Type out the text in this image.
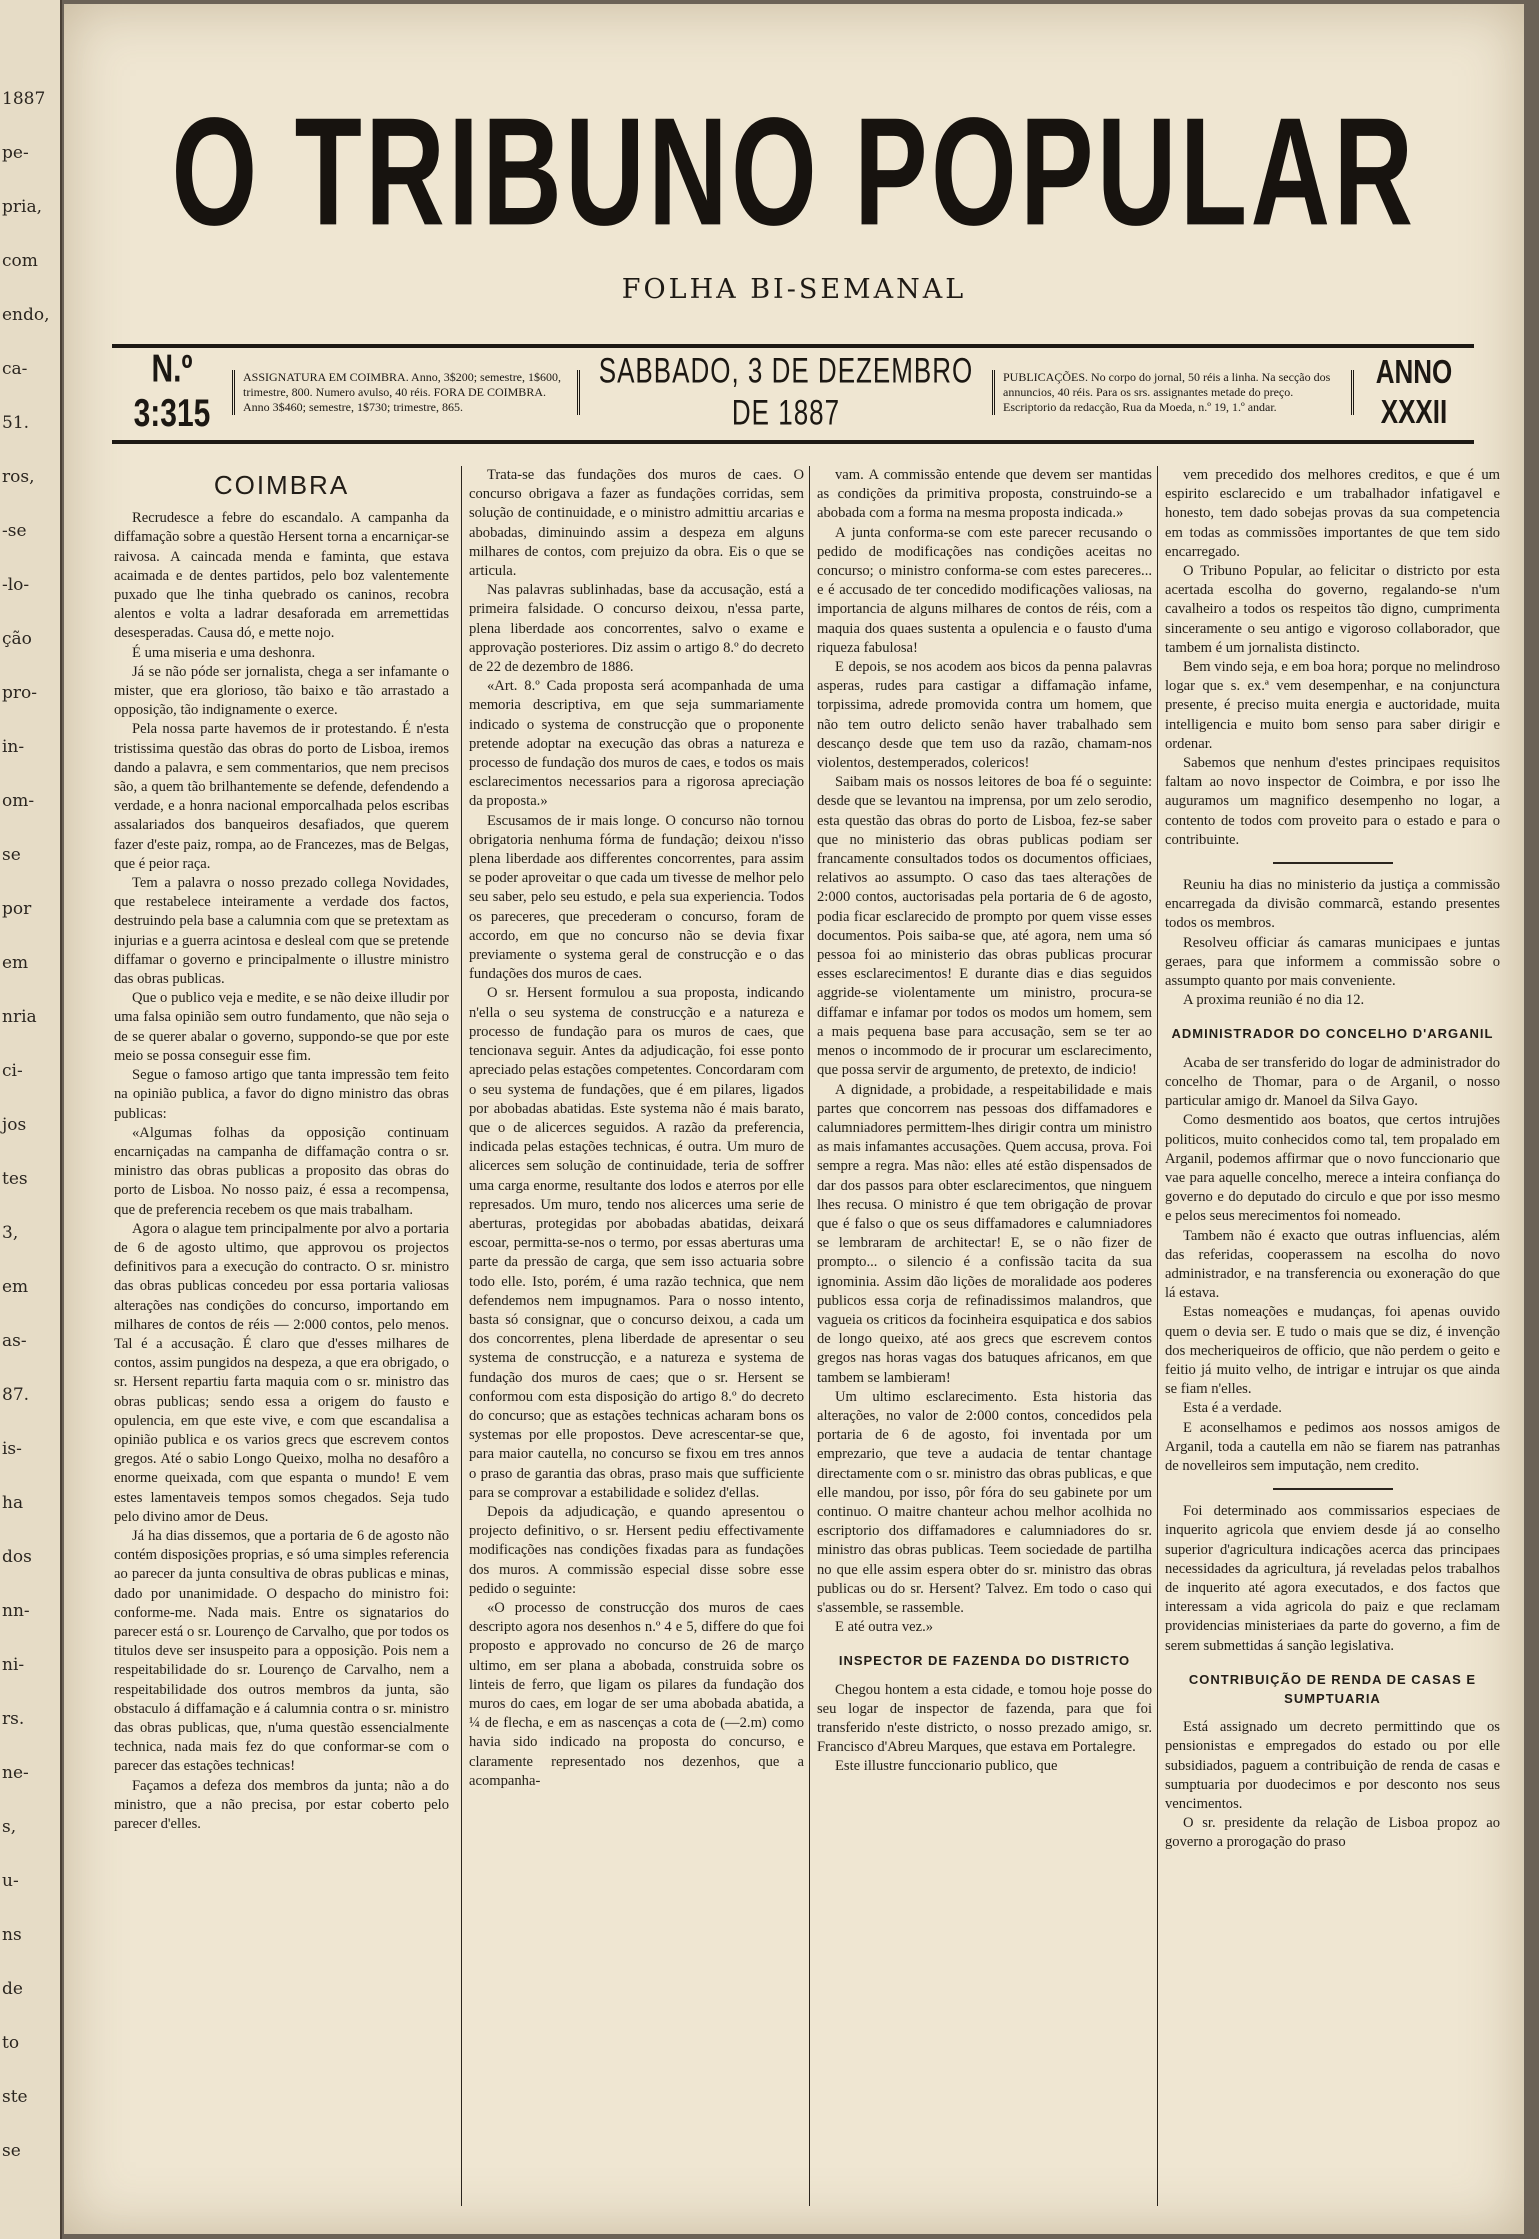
1887
pe-
pria,
com
endo,
ca-
51.
ros,
-se
-lo-
ção
pro-
in-
om-
se
por
em
nria
ci-
jos
tes
3,
em
as-
87.
is-
ha
dos
nn-
ni-
rs.
ne-
s,
u-
ns
de
to
ste
se
O TRIBUNO POPULAR
FOLHA BI-SEMANAL
N.º 3:315
ASSIGNATURA EM COIMBRA. Anno, 3$200; semestre, 1$600, trimestre, 800. Numero avulso, 40 réis. FORA DE COIMBRA. Anno 3$460; semestre, 1$730; trimestre, 865.
SABBADO, 3 DE DEZEMBRO DE 1887
PUBLICAÇÕES. No corpo do jornal, 50 réis a linha. Na secção dos annuncios, 40 réis. Para os srs. assignantes metade do preço. Escriptorio da redacção, Rua da Moeda, n.º 19, 1.º andar.
ANNO XXXII

COIMBRA

Recrudesce a febre do escandalo. A campanha da diffamação sobre a questão Hersent torna a encarniçar-se raivosa. A caincada menda e faminta, que estava acaimada e de dentes partidos, pelo boz valentemente puxado que lhe tinha quebrado os caninos, recobra alentos e volta a ladrar desaforada em arremettidas desesperadas. Causa dó, e mette nojo.

É uma miseria e uma deshonra.

Já se não póde ser jornalista, chega a ser infamante o mister, que era glorioso, tão baixo e tão arrastado a opposição, tão indignamente o exerce.

Pela nossa parte havemos de ir protestando. É n'esta tristissima questão das obras do porto de Lisboa, iremos dando a palavra, e sem commentarios, que nem precisos são, a quem tão brilhantemente se defende, defendendo a verdade, e a honra nacional emporcalhada pelos escribas assalariados dos banqueiros desafiados, que querem fazer d'este paiz, rompa, ao de Francezes, mas de Belgas, que é peior raça.

Tem a palavra o nosso prezado collega Novidades, que restabelece inteiramente a verdade dos factos, destruindo pela base a calumnia com que se pretextam as injurias e a guerra acintosa e desleal com que se pretende diffamar o governo e principalmente o illustre ministro das obras publicas.

Que o publico veja e medite, e se não deixe illudir por uma falsa opinião sem outro fundamento, que não seja o de se querer abalar o governo, suppondo-se que por este meio se possa conseguir esse fim.

Segue o famoso artigo que tanta impressão tem feito na opinião publica, a favor do digno ministro das obras publicas:

«Algumas folhas da opposição continuam encarniçadas na campanha de diffamação contra o sr. ministro das obras publicas a proposito das obras do porto de Lisboa. No nosso paiz, é essa a recompensa, que de preferencia recebem os que mais trabalham.

Agora o alague tem principalmente por alvo a portaria de 6 de agosto ultimo, que approvou os projectos definitivos para a execução do contracto. O sr. ministro das obras publicas concedeu por essa portaria valiosas alterações nas condições do concurso, importando em milhares de contos de réis — 2:000 contos, pelo menos. Tal é a accusação. É claro que d'esses milhares de contos, assim pungidos na despeza, a que era obrigado, o sr. Hersent repartiu farta maquia com o sr. ministro das obras publicas; sendo essa a origem do fausto e opulencia, em que este vive, e com que escandalisa a opinião publica e os varios grecs que escrevem contos gregos. Até o sabio Longo Queixo, molha no desafôro a enorme queixada, com que espanta o mundo! E vem estes lamentaveis tempos somos chegados. Seja tudo pelo divino amor de Deus.

Já ha dias dissemos, que a portaria de 6 de agosto não contém disposições proprias, e só uma simples referencia ao parecer da junta consultiva de obras publicas e minas, dado por unanimidade. O despacho do ministro foi: conforme-me. Nada mais. Entre os signatarios do parecer está o sr. Lourenço de Carvalho, que por todos os titulos deve ser insuspeito para a opposição. Pois nem a respeitabilidade do sr. Lourenço de Carvalho, nem a respeitabilidade dos outros membros da junta, são obstaculo á diffamação e á calumnia contra o sr. ministro das obras publicas, que, n'uma questão essencialmente technica, nada mais fez do que conformar-se com o parecer das estações technicas!

Façamos a defeza dos membros da junta; não a do ministro, que a não precisa, por estar coberto pelo parecer d'elles.

Trata-se das fundações dos muros de caes. O concurso obrigava a fazer as fundações corridas, sem solução de continuidade, e o ministro admittiu arcarias e abobadas, diminuindo assim a despeza em alguns milhares de contos, com prejuizo da obra. Eis o que se articula.

Nas palavras sublinhadas, base da accusação, está a primeira falsidade. O concurso deixou, n'essa parte, plena liberdade aos concorrentes, salvo o exame e approvação posteriores. Diz assim o artigo 8.º do decreto de 22 de dezembro de 1886.

«Art. 8.º Cada proposta será acompanhada de uma memoria descriptiva, em que seja summariamente indicado o systema de construcção que o proponente pretende adoptar na execução das obras a natureza e processo de fundação dos muros de caes, e todos os mais esclarecimentos necessarios para a rigorosa apreciação da proposta.»

Escusamos de ir mais longe. O concurso não tornou obrigatoria nenhuma fórma de fundação; deixou n'isso plena liberdade aos differentes concorrentes, para assim se poder aproveitar o que cada um tivesse de melhor pelo seu saber, pelo seu estudo, e pela sua experiencia. Todos os pareceres, que precederam o concurso, foram de accordo, em que no concurso não se devia fixar previamente o systema geral de construcção e o das fundações dos muros de caes.

O sr. Hersent formulou a sua proposta, indicando n'ella o seu systema de construcção e a natureza e processo de fundação para os muros de caes, que tencionava seguir. Antes da adjudicação, foi esse ponto apreciado pelas estações competentes. Concordaram com o seu systema de fundações, que é em pilares, ligados por abobadas abatidas. Este systema não é mais barato, que o de alicerces seguidos. A razão da preferencia, indicada pelas estações technicas, é outra. Um muro de alicerces sem solução de continuidade, teria de soffrer uma carga enorme, resultante dos lodos e aterros por elle represados. Um muro, tendo nos alicerces uma serie de aberturas, protegidas por abobadas abatidas, deixará escoar, permitta-se-nos o termo, por essas aberturas uma parte da pressão de carga, que sem isso actuaria sobre todo elle. Isto, porém, é uma razão technica, que nem defendemos nem impugnamos. Para o nosso intento, basta só consignar, que o concurso deixou, a cada um dos concorrentes, plena liberdade de apresentar o seu systema de construcção, e a natureza e systema de fundação dos muros de caes; que o sr. Hersent se conformou com esta disposição do artigo 8.º do decreto do concurso; que as estações technicas acharam bons os systemas por elle propostos. Deve acrescentar-se que, para maior cautella, no concurso se fixou em tres annos o praso de garantia das obras, praso mais que sufficiente para se comprovar a estabilidade e solidez d'ellas.

Depois da adjudicação, e quando apresentou o projecto definitivo, o sr. Hersent pediu effectivamente modificações nas condições fixadas para as fundações dos muros. A commissão especial disse sobre esse pedido o seguinte:

«O processo de construcção dos muros de caes descripto agora nos desenhos n.º 4 e 5, differe do que foi proposto e approvado no concurso de 26 de março ultimo, em ser plana a abobada, construida sobre os linteis de ferro, que ligam os pilares da fundação dos muros do caes, em logar de ser uma abobada abatida, a ¼ de flecha, e em as nascenças a cota de (—2.m) como havia sido indicado na proposta do concurso, e claramente representado nos dezenhos, que a acompanha-

vam. A commissão entende que devem ser mantidas as condições da primitiva proposta, construindo-se a abobada com a forma na mesma proposta indicada.»

A junta conforma-se com este parecer recusando o pedido de modificações nas condições aceitas no concurso; o ministro conforma-se com estes pareceres... e é accusado de ter concedido modificações valiosas, na importancia de alguns milhares de contos de réis, com a maquia dos quaes sustenta a opulencia e o fausto d'uma riqueza fabulosa!

E depois, se nos acodem aos bicos da penna palavras asperas, rudes para castigar a diffamação infame, torpissima, adrede promovida contra um homem, que não tem outro delicto senão haver trabalhado sem descanço desde que tem uso da razão, chamam-nos violentos, destemperados, colericos!

Saibam mais os nossos leitores de boa fé o seguinte: desde que se levantou na imprensa, por um zelo serodio, esta questão das obras do porto de Lisboa, fez-se saber que no ministerio das obras publicas podiam ser francamente consultados todos os documentos officiaes, relativos ao assumpto. O caso das taes alterações de 2:000 contos, auctorisadas pela portaria de 6 de agosto, podia ficar esclarecido de prompto por quem visse esses documentos. Pois saiba-se que, até agora, nem uma só pessoa foi ao ministerio das obras publicas procurar esses esclarecimentos! E durante dias e dias seguidos aggride-se violentamente um ministro, procura-se diffamar e infamar por todos os modos um homem, sem a mais pequena base para accusação, sem se ter ao menos o incommodo de ir procurar um esclarecimento, que possa servir de argumento, de pretexto, de indicio!

A dignidade, a probidade, a respeitabilidade e mais partes que concorrem nas pessoas dos diffamadores e calumniadores permittem-lhes dirigir contra um ministro as mais infamantes accusações. Quem accusa, prova. Foi sempre a regra. Mas não: elles até estão dispensados de dar dos passos para obter esclarecimentos, que ninguem lhes recusa. O ministro é que tem obrigação de provar que é falso o que os seus diffamadores e calumniadores se lembraram de architectar! E, se o não fizer de prompto... o silencio é a confissão tacita da sua ignominia. Assim dão lições de moralidade aos poderes publicos essa corja de refinadissimos malandros, que vagueia os criticos da focinheira esquipatica e dos sabios de longo queixo, até aos grecs que escrevem contos gregos nas horas vagas dos batuques africanos, em que tambem se lambieram!

Um ultimo esclarecimento. Esta historia das alterações, no valor de 2:000 contos, concedidos pela portaria de 6 de agosto, foi inventada por um emprezario, que teve a audacia de tentar chantage directamente com o sr. ministro das obras publicas, e que elle mandou, por isso, pôr fóra do seu gabinete por um continuo. O maitre chanteur achou melhor acolhida no escriptorio dos diffamadores e calumniadores do sr. ministro das obras publicas. Teem sociedade de partilha no que elle assim espera obter do sr. ministro das obras publicas ou do sr. Hersent? Talvez. Em todo o caso qui s'assemble, se rassemble.

E até outra vez.»

INSPECTOR DE FAZENDA DO DISTRICTO

Chegou hontem a esta cidade, e tomou hoje posse do seu logar de inspector de fazenda, para que foi transferido n'este districto, o nosso prezado amigo, sr. Francisco d'Abreu Marques, que estava em Portalegre.

Este illustre funccionario publico, que

vem precedido dos melhores creditos, e que é um espirito esclarecido e um trabalhador infatigavel e honesto, tem dado sobejas provas da sua competencia em todas as commissões importantes de que tem sido encarregado.

O Tribuno Popular, ao felicitar o districto por esta acertada escolha do governo, regalando-se n'um cavalheiro a todos os respeitos tão digno, cumprimenta sinceramente o seu antigo e vigoroso collaborador, que tambem é um jornalista distincto.

Bem vindo seja, e em boa hora; porque no melindroso logar que s. ex.ª vem desempenhar, e na conjunctura presente, é preciso muita energia e auctoridade, muita intelligencia e muito bom senso para saber dirigir e ordenar.

Sabemos que nenhum d'estes principaes requisitos faltam ao novo inspector de Coimbra, e por isso lhe auguramos um magnifico desempenho no logar, a contento de todos com proveito para o estado e para o contribuinte.

Reuniu ha dias no ministerio da justiça a commissão encarregada da divisão commarcã, estando presentes todos os membros.

Resolveu officiar ás camaras municipaes e juntas geraes, para que informem a commissão sobre o assumpto quanto por mais conveniente.

A proxima reunião é no dia 12.

ADMINISTRADOR DO CONCELHO D'ARGANIL

Acaba de ser transferido do logar de administrador do concelho de Thomar, para o de Arganil, o nosso particular amigo dr. Manoel da Silva Gayo.

Como desmentido aos boatos, que certos intrujões politicos, muito conhecidos como tal, tem propalado em Arganil, podemos affirmar que o novo funccionario que vae para aquelle concelho, merece a inteira confiança do governo e do deputado do circulo e que por isso mesmo e pelos seus merecimentos foi nomeado.

Tambem não é exacto que outras influencias, além das referidas, cooperassem na escolha do novo administrador, e na transferencia ou exoneração do que lá estava.

Estas nomeações e mudanças, foi apenas ouvido quem o devia ser. E tudo o mais que se diz, é invenção dos mecheriqueiros de officio, que não perdem o geito e feitio já muito velho, de intrigar e intrujar os que ainda se fiam n'elles.

Esta é a verdade.

E aconselhamos e pedimos aos nossos amigos de Arganil, toda a cautella em não se fiarem nas patranhas de novelleiros sem imputação, nem credito.

Foi determinado aos commissarios especiaes de inquerito agricola que enviem desde já ao conselho superior d'agricultura indicações acerca das principaes necessidades da agricultura, já reveladas pelos trabalhos de inquerito até agora executados, e dos factos que interessam a vida agricola do paiz e que reclamam providencias ministeriaes da parte do governo, a fim de serem submettidas á sanção legislativa.

CONTRIBUIÇÃO DE RENDA DE CASAS E SUMPTUARIA

Está assignado um decreto permittindo que os pensionistas e empregados do estado ou por elle subsidiados, paguem a contribuição de renda de casas e sumptuaria por duodecimos e por desconto nos seus vencimentos.

O sr. presidente da relação de Lisboa propoz ao governo a prorogação do praso
